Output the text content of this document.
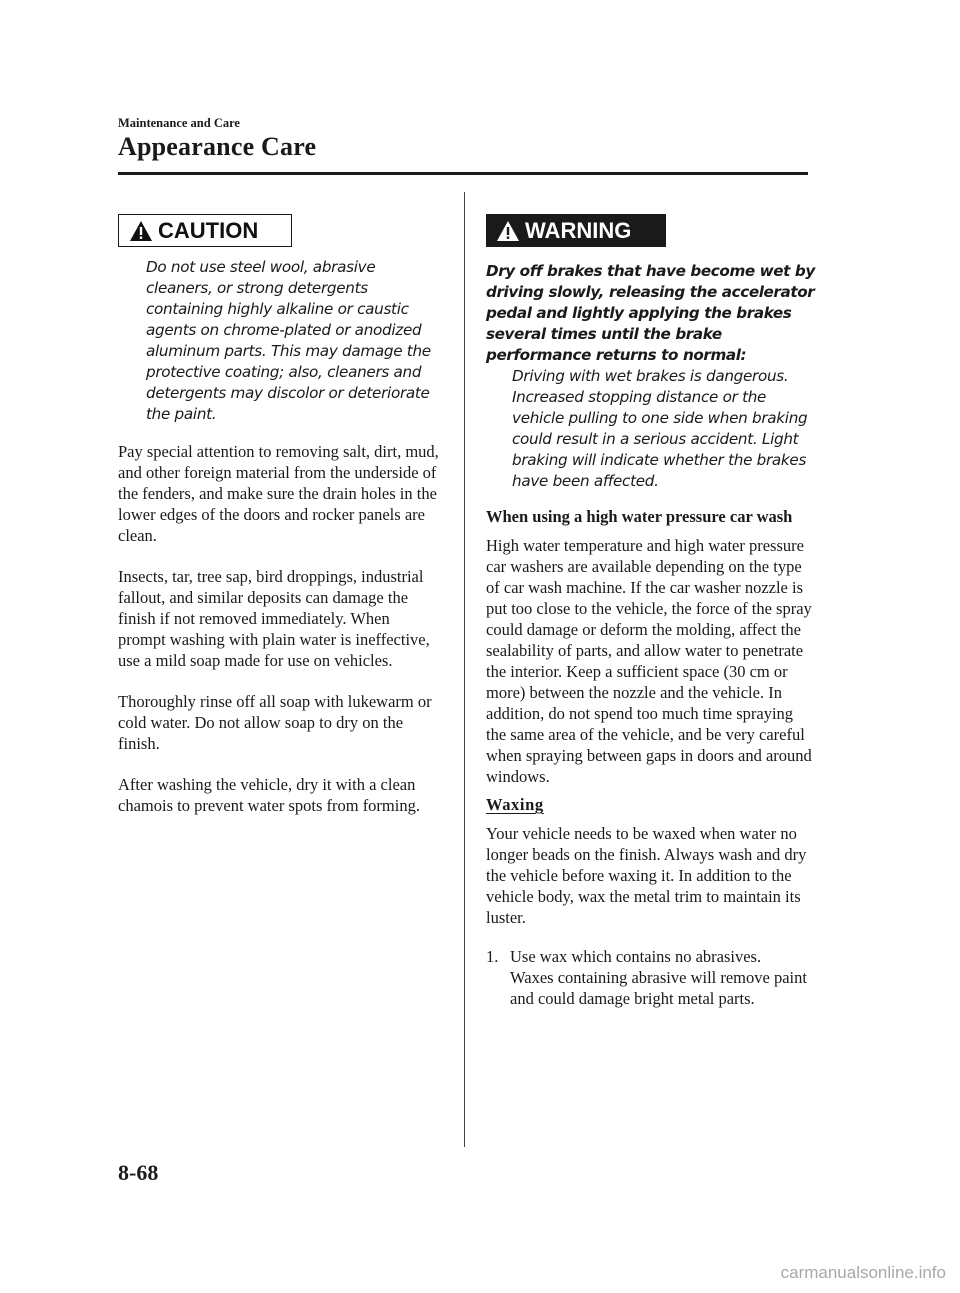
Maintenance and Care
Appearance Care
CAUTION
Do not use steel wool, abrasive cleaners, or strong detergents containing highly alkaline or caustic agents on chrome-plated or anodized aluminum parts. This may damage the protective coating; also, cleaners and detergents may discolor or deteriorate the paint.

Pay special attention to removing salt, dirt, mud, and other foreign material from the underside of the fenders, and make sure the drain holes in the lower edges of the doors and rocker panels are clean.

Insects, tar, tree sap, bird droppings, industrial fallout, and similar deposits can damage the finish if not removed immediately. When prompt washing with plain water is ineffective, use a mild soap made for use on vehicles.

Thoroughly rinse off all soap with lukewarm or cold water. Do not allow soap to dry on the finish.

After washing the vehicle, dry it with a clean chamois to prevent water spots from forming.

WARNING
Dry off brakes that have become wet by driving slowly, releasing the accelerator pedal and lightly applying the brakes several times until the brake performance returns to normal:
Driving with wet brakes is dangerous. Increased stopping distance or the vehicle pulling to one side when braking could result in a serious accident. Light braking will indicate whether the brakes have been affected.
When using a high water pressure car wash

High water temperature and high water pressure car washers are available depending on the type of car wash machine. If the car washer nozzle is put too close to the vehicle, the force of the spray could damage or deform the molding, affect the sealability of parts, and allow water to penetrate the interior. Keep a sufficient space (30 cm or more) between the nozzle and the vehicle. In addition, do not spend too much time spraying the same area of the vehicle, and be very careful when spraying between gaps in doors and around windows.

Waxing

Your vehicle needs to be waxed when water no longer beads on the finish. Always wash and dry the vehicle before waxing it. In addition to the vehicle body, wax the metal trim to maintain its luster.

1. Use wax which contains no abrasives.
Waxes containing abrasive will remove paint and could damage bright metal parts.
8-68
carmanualsonline.info
